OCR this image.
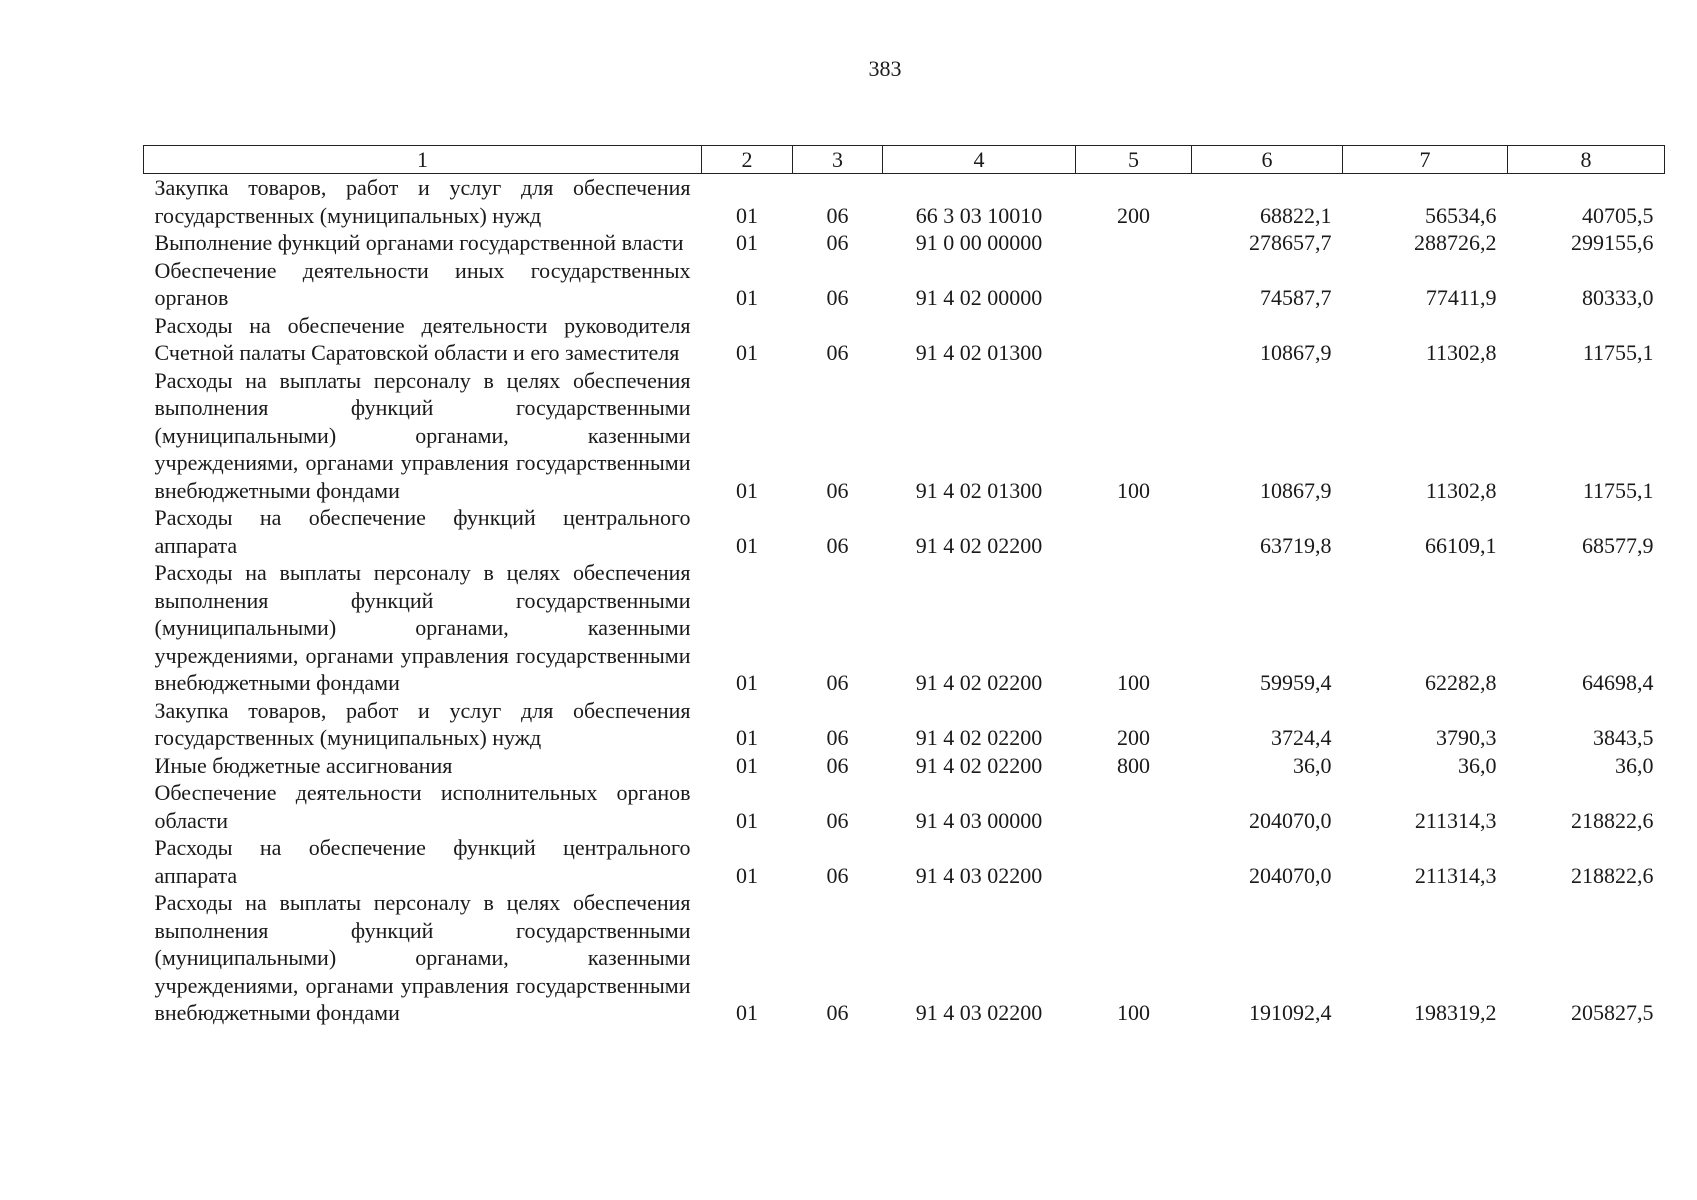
383
1	2	3	4	5	6	7	8
Закупка товаров, работ и услуг для обеспечения государственных (муниципальных) нужд	01	06	66 3 03 10010	200	68822,1	56534,6	40705,5
Выполнение функций органами государственной власти	01	06	91 0 00 00000		278657,7	288726,2	299155,6
Обеспечение деятельности иных государственных органов	01	06	91 4 02 00000		74587,7	77411,9	80333,0
Расходы на обеспечение деятельности руководителя Счетной палаты Саратовской области и его заместителя	01	06	91 4 02 01300		10867,9	11302,8	11755,1
Расходы на выплаты персоналу в целях обеспечения выполнения функций государственными (муниципальными) органами, казенными учреждениями, органами управления государственными внебюджетными фондами	01	06	91 4 02 01300	100	10867,9	11302,8	11755,1
Расходы на обеспечение функций центрального аппарата	01	06	91 4 02 02200		63719,8	66109,1	68577,9
Расходы на выплаты персоналу в целях обеспечения выполнения функций государственными (муниципальными) органами, казенными учреждениями, органами управления государственными внебюджетными фондами	01	06	91 4 02 02200	100	59959,4	62282,8	64698,4
Закупка товаров, работ и услуг для обеспечения государственных (муниципальных) нужд	01	06	91 4 02 02200	200	3724,4	3790,3	3843,5
Иные бюджетные ассигнования	01	06	91 4 02 02200	800	36,0	36,0	36,0
Обеспечение деятельности исполнительных органов области	01	06	91 4 03 00000		204070,0	211314,3	218822,6
Расходы на обеспечение функций центрального аппарата	01	06	91 4 03 02200		204070,0	211314,3	218822,6
Расходы на выплаты персоналу в целях обеспечения выполнения функций государственными (муниципальными) органами, казенными учреждениями, органами управления государственными внебюджетными фондами	01	06	91 4 03 02200	100	191092,4	198319,2	205827,5
